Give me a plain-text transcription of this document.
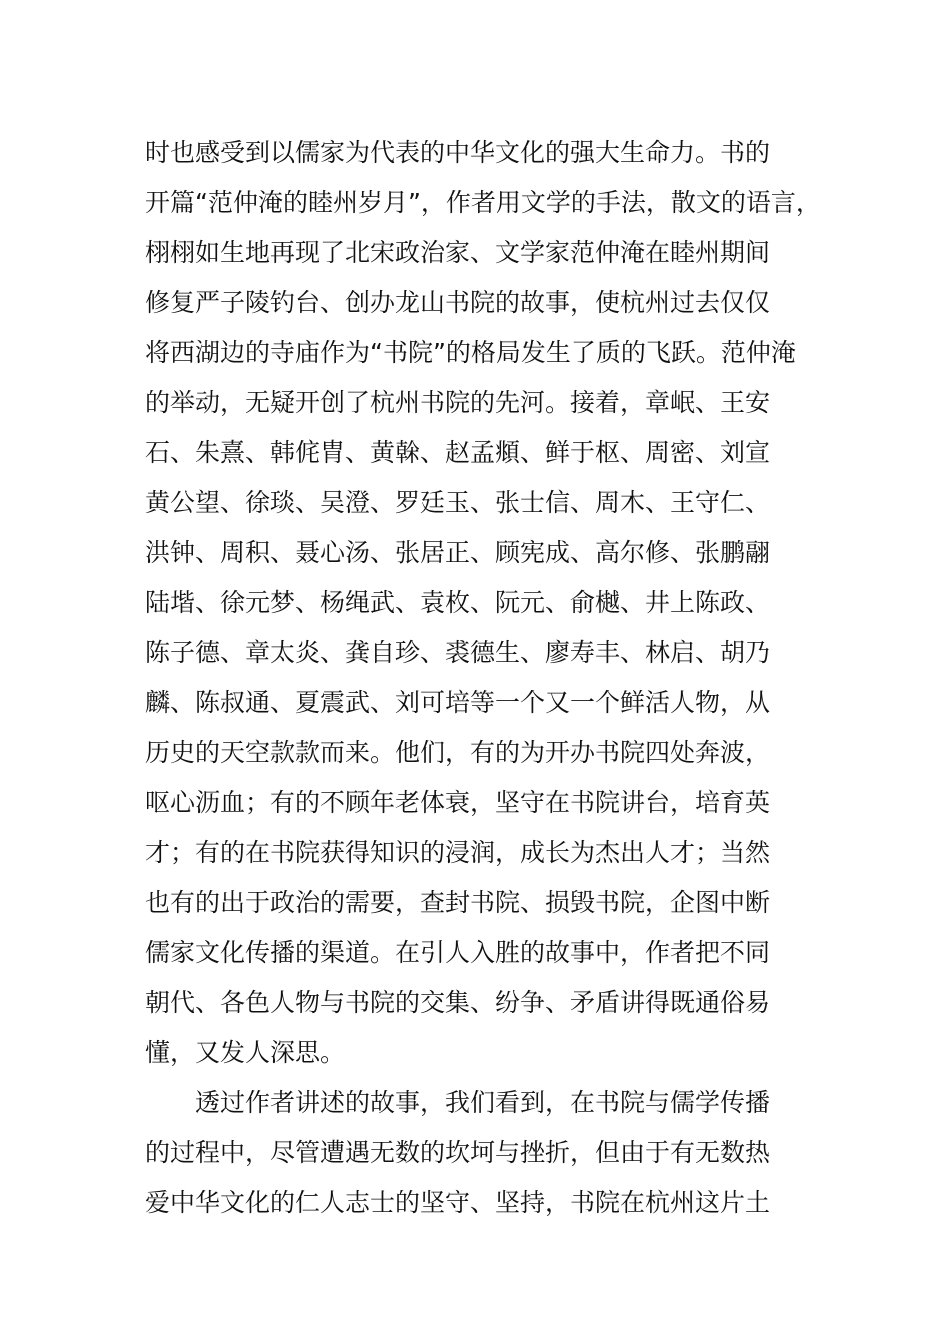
时也感受到以儒家为代表的中华文化的强大生命力。书的
开篇“范仲淹的睦州岁月”，作者用文学的手法，散文的语言，
栩栩如生地再现了北宋政治家、文学家范仲淹在睦州期间
修复严子陵钓台、创办龙山书院的故事，使杭州过去仅仅
将西湖边的寺庙作为“书院”的格局发生了质的飞跃。范仲淹
的举动，无疑开创了杭州书院的先河。接着，章岷、王安
石、朱熹、韩侂胄、黄榦、赵孟頫、鲜于枢、周密、刘宣
黄公望、徐琰、吴澄、罗廷玉、张士信、周木、王守仁、
洪钟、周积、聂心汤、张居正、顾宪成、高尔修、张鹏翮
陆堦、徐元梦、杨绳武、袁枚、阮元、俞樾、井上陈政、
陈子德、章太炎、龚自珍、裘德生、廖寿丰、林启、胡乃
麟、陈叔通、夏震武、刘可培等一个又一个鲜活人物，从
历史的天空款款而来。他们，有的为开办书院四处奔波，
呕心沥血；有的不顾年老体衰，坚守在书院讲台，培育英
才；有的在书院获得知识的浸润，成长为杰出人才；当然
也有的出于政治的需要，查封书院、损毁书院，企图中断
儒家文化传播的渠道。在引人入胜的故事中，作者把不同
朝代、各色人物与书院的交集、纷争、矛盾讲得既通俗易
懂，又发人深思。
透过作者讲述的故事，我们看到，在书院与儒学传播
的过程中，尽管遭遇无数的坎坷与挫折，但由于有无数热
爱中华文化的仁人志士的坚守、坚持，书院在杭州这片土
